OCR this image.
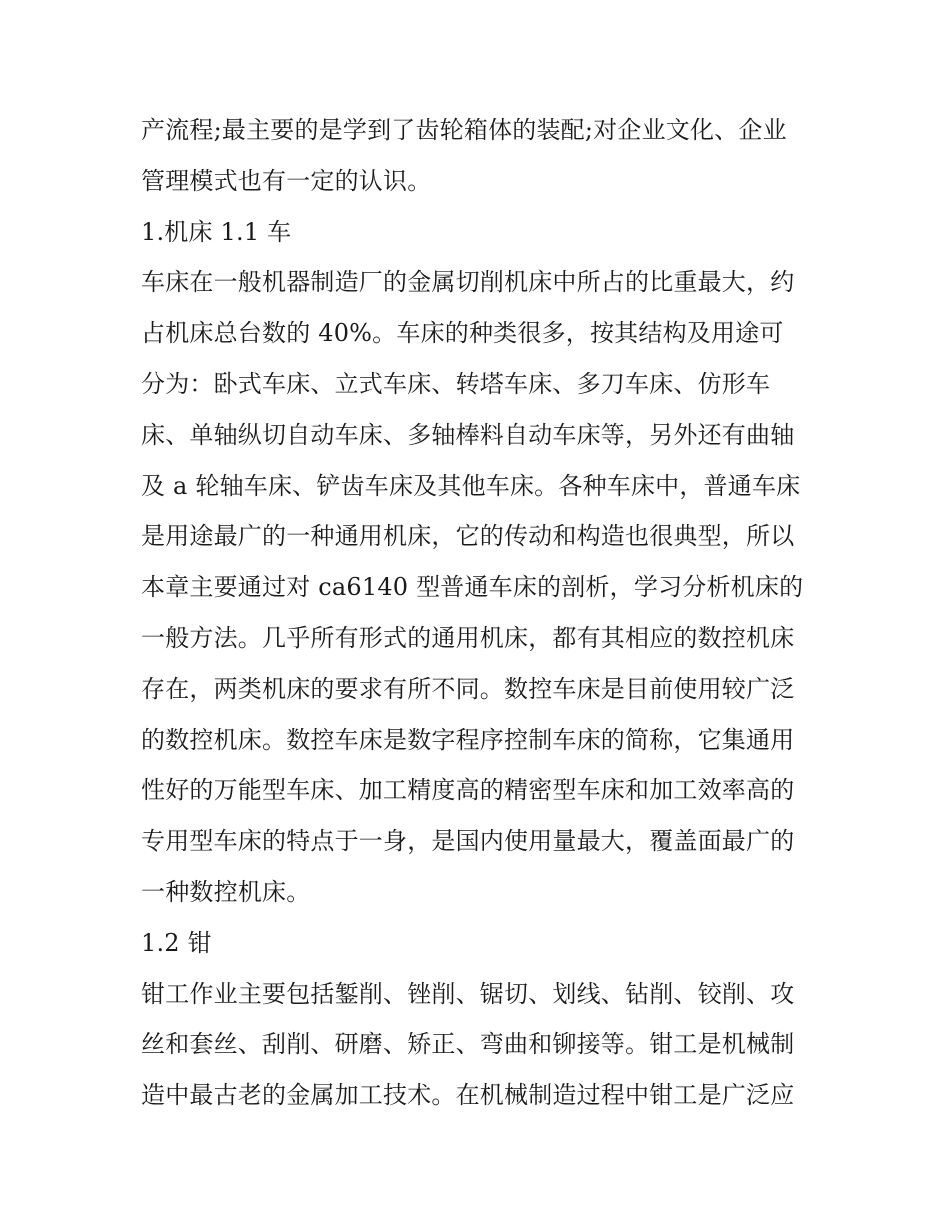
产流程;最主要的是学到了齿轮箱体的装配;对企业文化、企业
管理模式也有一定的认识。
1.机床 1.1 车
车床在一般机器制造厂的金属切削机床中所占的比重最大，约
占机床总台数的 40%。车床的种类很多，按其结构及用途可
分为：卧式车床、立式车床、转塔车床、多刀车床、仿形车
床、单轴纵切自动车床、多轴棒料自动车床等，另外还有曲轴
及 a 轮轴车床、铲齿车床及其他车床。各种车床中，普通车床
是用途最广的一种通用机床，它的传动和构造也很典型，所以
本章主要通过对 ca6140 型普通车床的剖析，学习分析机床的
一般方法。几乎所有形式的通用机床，都有其相应的数控机床
存在，两类机床的要求有所不同。数控车床是目前使用较广泛
的数控机床。数控车床是数字程序控制车床的简称，它集通用
性好的万能型车床、加工精度高的精密型车床和加工效率高的
专用型车床的特点于一身，是国内使用量最大，覆盖面最广的
一种数控机床。
1.2 钳
钳工作业主要包括錾削、锉削、锯切、划线、钻削、铰削、攻
丝和套丝、刮削、研磨、矫正、弯曲和铆接等。钳工是机械制
造中最古老的金属加工技术。在机械制造过程中钳工是广泛应
